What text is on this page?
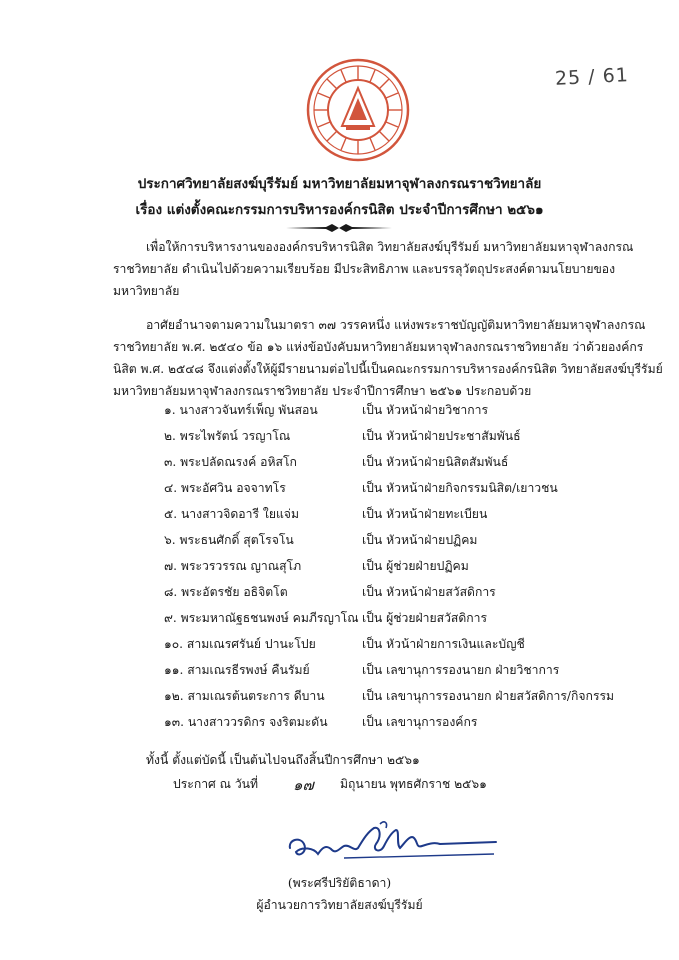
25 / 61
ประกาศวิทยาลัยสงฆ์บุรีรัมย์ มหาวิทยาลัยมหาจุฬาลงกรณราชวิทยาลัย
เรื่อง แต่งตั้งคณะกรรมการบริหารองค์กรนิสิต ประจำปีการศึกษา ๒๕๖๑
เพื่อให้การบริหารงานขององค์กรบริหารนิสิต วิทยาลัยสงฆ์บุรีรัมย์ มหาวิทยาลัยมหาจุฬาลงกรณ
ราชวิทยาลัย ดำเนินไปด้วยความเรียบร้อย มีประสิทธิภาพ และบรรลุวัตถุประสงค์ตามนโยบายของ
มหาวิทยาลัย
อาศัยอำนาจตามความในมาตรา ๓๗ วรรคหนึ่ง แห่งพระราชบัญญัติมหาวิทยาลัยมหาจุฬาลงกรณ
ราชวิทยาลัย พ.ศ. ๒๕๔๐ ข้อ ๑๖ แห่งข้อบังคับมหาวิทยาลัยมหาจุฬาลงกรณราชวิทยาลัย ว่าด้วยองค์กร
นิสิต พ.ศ. ๒๕๔๘ จึงแต่งตั้งให้ผู้มีรายนามต่อไปนี้เป็นคณะกรรมการบริหารองค์กรนิสิต วิทยาลัยสงฆ์บุรีรัมย์
มหาวิทยาลัยมหาจุฬาลงกรณราชวิทยาลัย ประจำปีการศึกษา ๒๕๖๑ ประกอบด้วย
๑. นางสาวจันทร์เพ็ญ พันสอน	เป็น หัวหน้าฝ่ายวิชาการ
๒. พระไพรัตน์ วรญาโณ	เป็น หัวหน้าฝ่ายประชาสัมพันธ์
๓. พระปลัดณรงค์ อหิสโก	เป็น หัวหน้าฝ่ายนิสิตสัมพันธ์
๔. พระอัศวิน อจจาทโร	เป็น หัวหน้าฝ่ายกิจกรรมนิสิต/เยาวชน
๕. นางสาวจิดอารี ใยแจ่ม	เป็น หัวหน้าฝ่ายทะเบียน
๖. พระธนศักดิ์ สุตโรจโน	เป็น หัวหน้าฝ่ายปฏิคม
๗. พระวรวรรณ ญาณสุโภ	เป็น ผู้ช่วยฝ่ายปฏิคม
๘. พระอัตรชัย อธิจิตโต	เป็น หัวหน้าฝ่ายสวัสดิการ
๙. พระมหาณัฐธชนพงษ์ คมภีรญาโณ เป็น ผู้ช่วยฝ่ายสวัสดิการ
๑๐. สามเณรศรันย์ ปานะโปย	เป็น หัวน้าฝ่ายการเงินและบัญชี
๑๑. สามเณรธีรพงษ์ คืนรัมย์	เป็น เลขานุการรองนายก ฝ่ายวิชาการ
๑๒. สามเณรต้นตระการ ดีบาน	เป็น เลขานุการรองนายก ฝ่ายสวัสดิการ/กิจกรรม
๑๓. นางสาววรดิกร จงริตมะดัน	เป็น เลขานุการองค์กร
ทั้งนี้ ตั้งแต่บัดนี้ เป็นต้นไปจนถึงสิ้นปีการศึกษา ๒๕๖๑
ประกาศ ณ วันที่ ๑๗ มิถุนายน พุทธศักราช ๒๕๖๑
(พระศรีปริยัติธาดา)
ผู้อำนวยการวิทยาลัยสงฆ์บุรีรัมย์
